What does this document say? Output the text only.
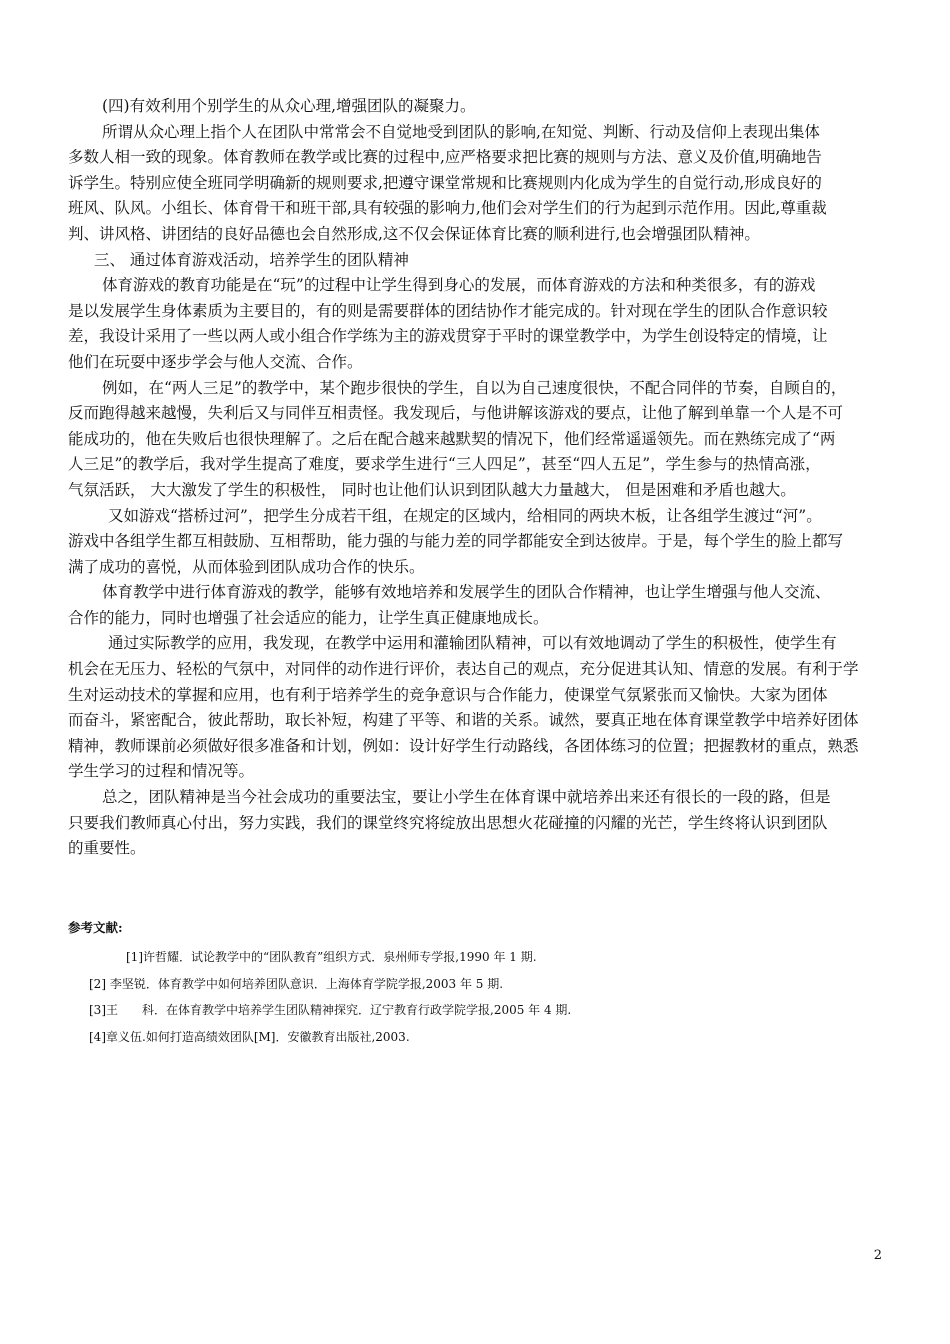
(四)有效利用个别学生的从众心理,增强团队的凝聚力。
所谓从众心理上指个人在团队中常常会不自觉地受到团队的影响,在知觉、判断、行动及信仰上表现出集体
多数人相一致的现象。体育教师在教学或比赛的过程中,应严格要求把比赛的规则与方法、意义及价值,明确地告
诉学生。特别应使全班同学明确新的规则要求,把遵守课堂常规和比赛规则内化成为学生的自觉行动,形成良好的
班风、队风。小组长、体育骨干和班干部,具有较强的影响力,他们会对学生们的行为起到示范作用。因此,尊重裁
判、讲风格、讲团结的良好品德也会自然形成,这不仅会保证体育比赛的顺利进行,也会增强团队精神。
三、 通过体育游戏活动，培养学生的团队精神
体育游戏的教育功能是在“玩”的过程中让学生得到身心的发展，而体育游戏的方法和种类很多，有的游戏
是以发展学生身体素质为主要目的，有的则是需要群体的团结协作才能完成的。针对现在学生的团队合作意识较
差，我设计采用了一些以两人或小组合作学练为主的游戏贯穿于平时的课堂教学中，为学生创设特定的情境，让
他们在玩耍中逐步学会与他人交流、合作。
例如，在“两人三足”的教学中，某个跑步很快的学生，自以为自己速度很快，不配合同伴的节奏，自顾自的，
反而跑得越来越慢，失利后又与同伴互相责怪。我发现后，与他讲解该游戏的要点，让他了解到单靠一个人是不可
能成功的，他在失败后也很快理解了。之后在配合越来越默契的情况下，他们经常遥遥领先。而在熟练完成了“两
人三足”的教学后，我对学生提高了难度，要求学生进行“三人四足”，甚至“四人五足”，学生参与的热情高涨，
气氛活跃， 大大激发了学生的积极性， 同时也让他们认识到团队越大力量越大， 但是困难和矛盾也越大。
又如游戏“搭桥过河”，把学生分成若干组，在规定的区域内，给相同的两块木板，让各组学生渡过“河”。
游戏中各组学生都互相鼓励、互相帮助，能力强的与能力差的同学都能安全到达彼岸。于是，每个学生的脸上都写
满了成功的喜悦，从而体验到团队成功合作的快乐。
体育教学中进行体育游戏的教学，能够有效地培养和发展学生的团队合作精神，也让学生增强与他人交流、
合作的能力，同时也增强了社会适应的能力，让学生真正健康地成长。
通过实际教学的应用，我发现，在教学中运用和灌输团队精神，可以有效地调动了学生的积极性，使学生有
机会在无压力、轻松的气氛中，对同伴的动作进行评价，表达自己的观点，充分促进其认知、情意的发展。有利于学
生对运动技术的掌握和应用，也有利于培养学生的竞争意识与合作能力，使课堂气氛紧张而又愉快。大家为团体
而奋斗，紧密配合，彼此帮助，取长补短，构建了平等、和谐的关系。诚然，要真正地在体育课堂教学中培养好团体
精神，教师课前必须做好很多准备和计划，例如：设计好学生行动路线，各团体练习的位置；把握教材的重点，熟悉
学生学习的过程和情况等。
总之，团队精神是当今社会成功的重要法宝，要让小学生在体育课中就培养出来还有很长的一段的路，但是
只要我们教师真心付出，努力实践，我们的课堂终究将绽放出思想火花碰撞的闪耀的光芒，学生终将认识到团队
的重要性。
参考文献:
[1]许哲耀．试论教学中的“团队教育”组织方式．泉州师专学报,1990 年 1 期.
[2] 李坚锐．体育教学中如何培养团队意识．上海体育学院学报,2003 年 5 期.
[3]王　　科．在体育教学中培养学生团队精神探究．辽宁教育行政学院学报,2005 年 4 期.
[4]章义伍.如何打造高绩效团队[M]．安徽教育出版社,2003.
2
